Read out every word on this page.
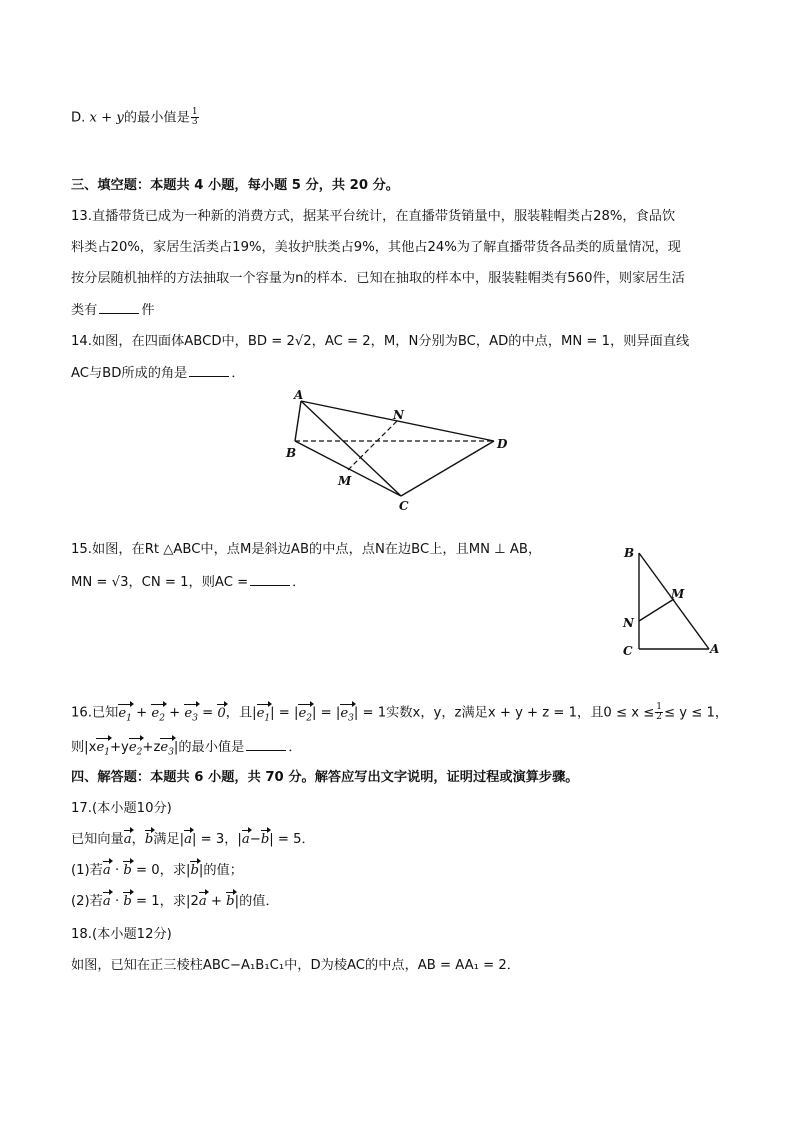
D. x + y的最小值是 $\frac{1}{3}$
三、填空题：本题共 4 小题，每小题 5 分，共 20 分。
13.直播带货已成为一种新的消费方式，据某平台统计，在直播带货销量中，服装鞋帽类占28%，食品饮
料类占20%，家居生活类占19%，美妆护肤类占9%，其他占24%为了解直播带货各品类的质量情况，现
按分层随机抽样的方法抽取一个容量为n的样本．已知在抽取的样本中，服装鞋帽类有560件，则家居生活
类有	件
14.如图，在四面体ABCD中，BD = 2√2，AC = 2，M，N分别为BC，AD的中点，MN = 1，则异面直线
AC与BD所成的角是	．
A
B
C
D
M
N
15.如图，在Rt △ABC中，点M是斜边AB的中点，点N在边BC上，且MN ⊥ AB，
MN = √3，CN = 1，则AC =	．
B
C	A
M
N
16.已知$e_1 + e_2 + e_3 = 0$，且$|e_1| = |e_2| = |e_3| = 1$实数x，y，z满足x + y + z = 1，且$0 \le x \le \frac{1}{2} \le y \le 1$，
则$|xe_1+ye_2+ze_3|$的最小值是	．
四、解答题：本题共 6 小题，共 70 分。解答应写出文字说明，证明过程或演算步骤。
17.(本小题10分)
已知向量a，b满足|a| = 3，|a−b| = 5．
(1)若a · b = 0，求|b|的值；
(2)若a · b = 1，求|2a + b|的值．
18.(本小题12分)
如图，已知在正三棱柱ABC−A₁B₁C₁中，D为棱AC的中点，AB = AA₁ = 2．
